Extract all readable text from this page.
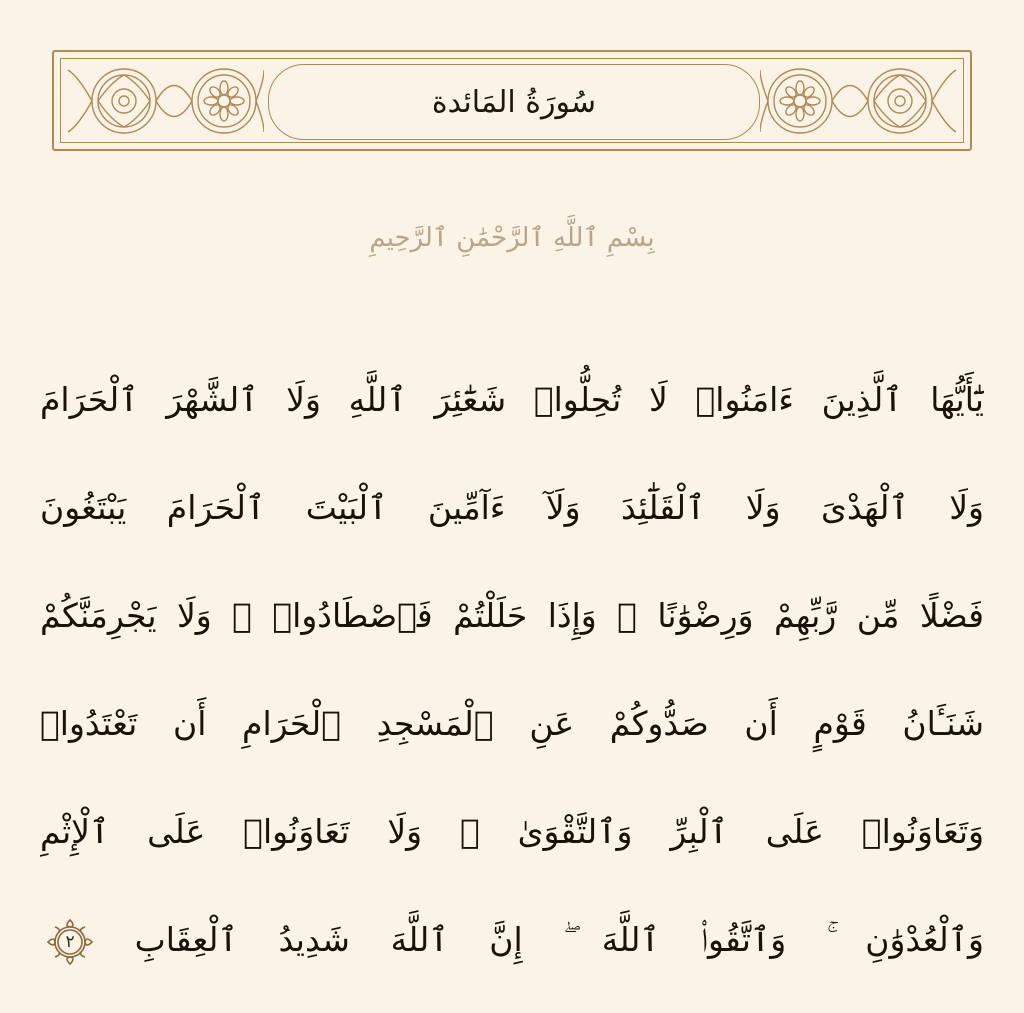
سُورَةُ المَائدة
بِسْمِ ٱللَّهِ ٱلرَّحْمَٰنِ ٱلرَّحِيمِ
يَٰٓأَيُّهَا ٱلَّذِينَ ءَامَنُوا۟ لَا تُحِلُّوا۟ شَعَٰٓئِرَ ٱللَّهِ وَلَا ٱلشَّهْرَ ٱلْحَرَامَ
وَلَا ٱلْهَدْىَ وَلَا ٱلْقَلَٰٓئِدَ وَلَآ ءَآمِّينَ ٱلْبَيْتَ ٱلْحَرَامَ يَبْتَغُونَ
فَضْلًا مِّن رَّبِّهِمْ وَرِضْوَٰنًا ۚ وَإِذَا حَلَلْتُمْ فَٱصْطَادُوا۟ ۚ وَلَا يَجْرِمَنَّكُمْ
شَنَـَٔانُ قَوْمٍ أَن صَدُّوكُمْ عَنِ ٱلْمَسْجِدِ ٱلْحَرَامِ أَن تَعْتَدُوا۟
وَتَعَاوَنُوا۟ عَلَى ٱلْبِرِّ وَٱلتَّقْوَىٰ ۖ وَلَا تَعَاوَنُوا۟ عَلَى ٱلْإِثْمِ
وَٱلْعُدْوَٰنِ ۚ وَٱتَّقُوا۟ ٱللَّهَ ۖ إِنَّ ٱللَّهَ شَدِيدُ ٱلْعِقَابِ
٢
